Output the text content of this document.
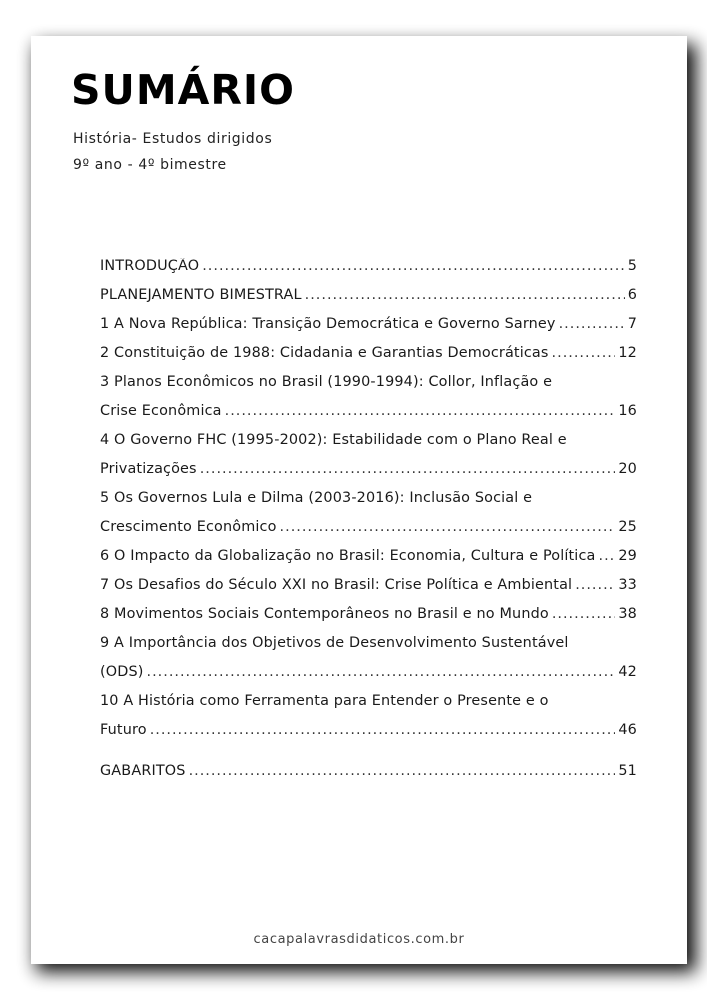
SUMÁRIO
História- Estudos dirigidos
9º ano - 4º bimestre
INTRODUÇÃO .....	5
PLANEJAMENTO BIMESTRAL .....	6
1 A Nova República: Transição Democrática e Governo Sarney .....	7
2 Constituição de 1988: Cidadania e Garantias Democráticas .....	12
3 Planos Econômicos no Brasil (1990-1994): Collor, Inflação e
Crise Econômica .....	16
4 O Governo FHC (1995-2002): Estabilidade com o Plano Real e
Privatizações .....	20
5 Os Governos Lula e Dilma (2003-2016): Inclusão Social e
Crescimento Econômico .....	25
6 O Impacto da Globalização no Brasil: Economia, Cultura e Política ..... 29
7 Os Desafios do Século XXI no Brasil: Crise Política e Ambiental .....	33
8 Movimentos Sociais Contemporâneos no Brasil e no Mundo .....	38
9 A Importância dos Objetivos de Desenvolvimento Sustentável
(ODS) .....	42
10 A História como Ferramenta para Entender o Presente e o
Futuro .....	46
GABARITOS .....	51
cacapalavrasdidaticos.com.br
